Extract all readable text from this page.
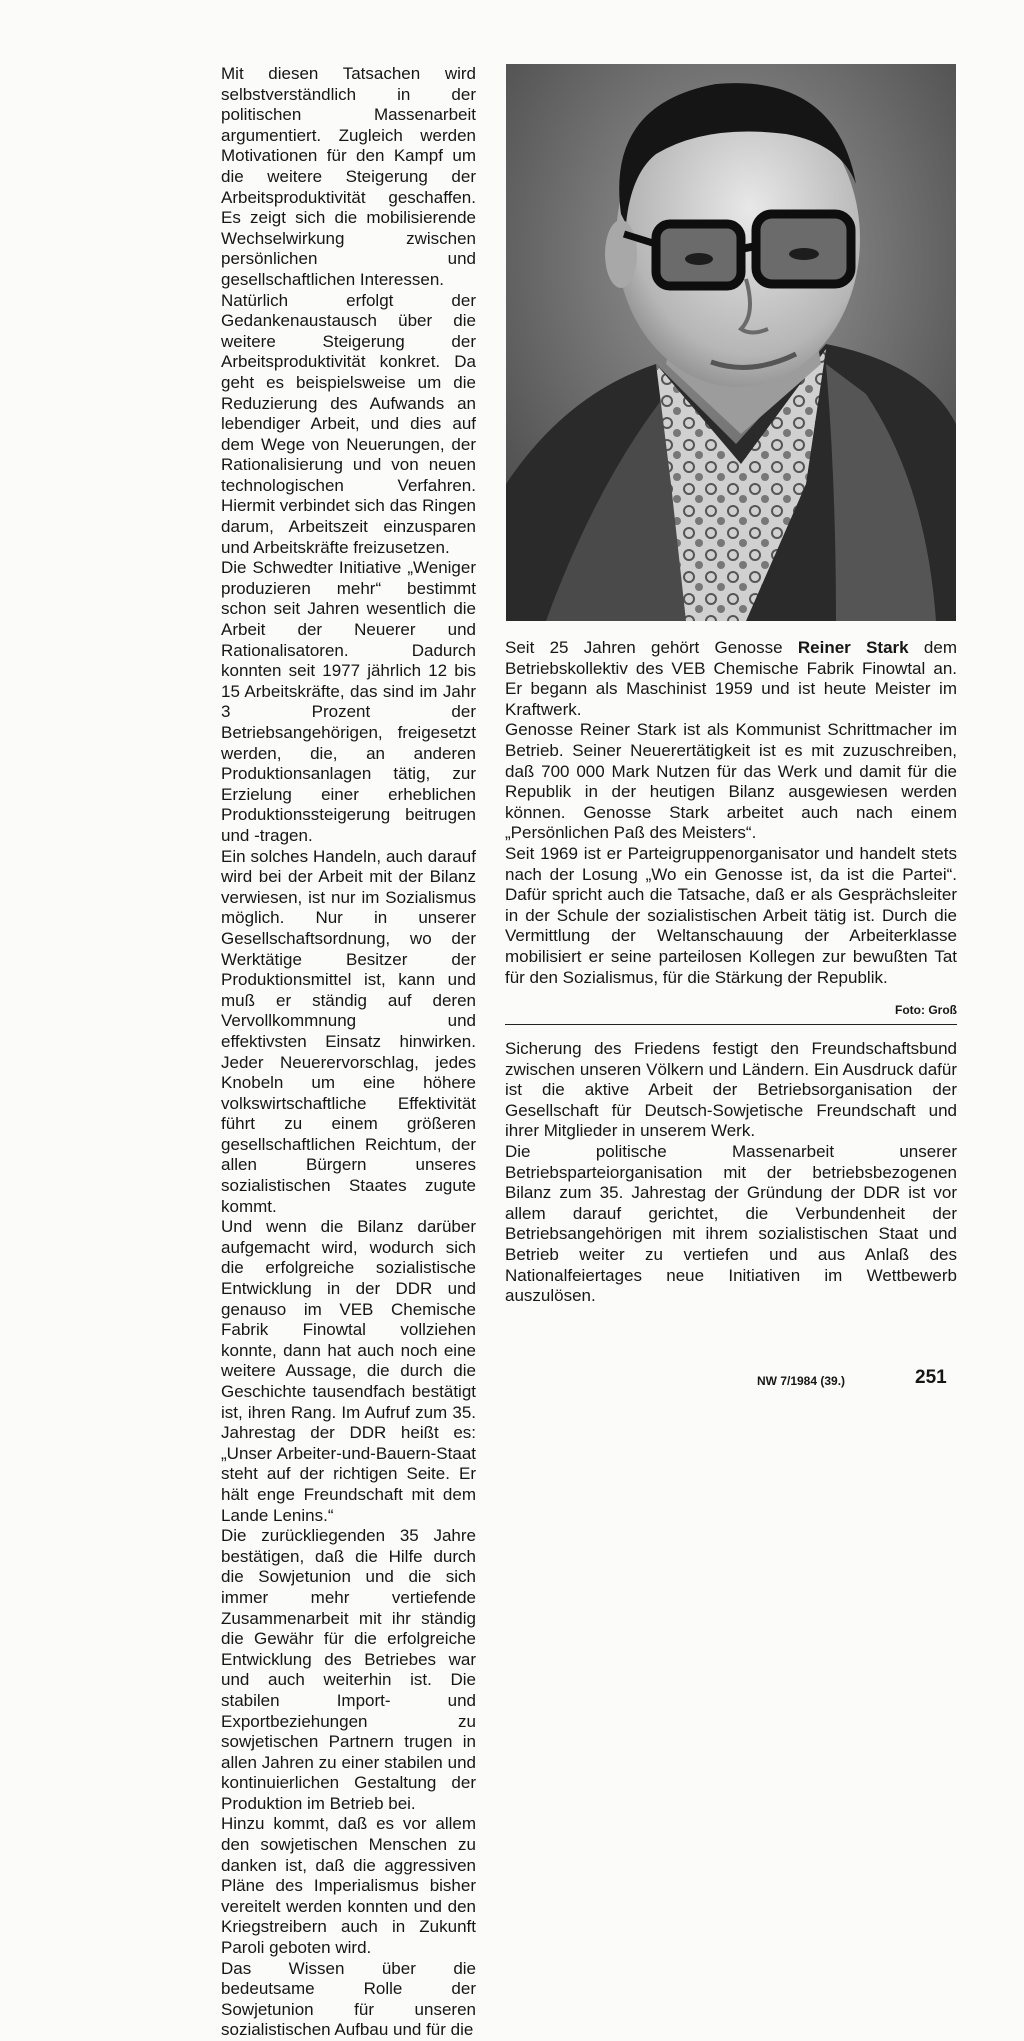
Mit diesen Tatsachen wird selbstverständlich in der politischen Massenarbeit argumentiert. Zugleich werden Motivationen für den Kampf um die weitere Steigerung der Arbeitsproduktivität geschaffen. Es zeigt sich die mobilisierende Wechselwirkung zwischen persönlichen und gesellschaftlichen Interessen.

Natürlich erfolgt der Gedankenaustausch über die weitere Steigerung der Arbeitsproduktivität konkret. Da geht es beispielsweise um die Reduzierung des Aufwands an lebendiger Arbeit, und dies auf dem Wege von Neuerungen, der Rationalisierung und von neuen technologischen Verfahren. Hiermit verbindet sich das Ringen darum, Arbeitszeit einzusparen und Arbeitskräfte freizusetzen.

Die Schwedter Initiative „Weniger produzieren mehr“ bestimmt schon seit Jahren wesentlich die Arbeit der Neuerer und Rationalisatoren. Dadurch konnten seit 1977 jährlich 12 bis 15 Arbeitskräfte, das sind im Jahr 3 Prozent der Betriebsangehörigen, freigesetzt werden, die, an anderen Produktionsanlagen tätig, zur Erzielung einer erheblichen Produktionssteigerung beitrugen und -tragen.

Ein solches Handeln, auch darauf wird bei der Arbeit mit der Bilanz verwiesen, ist nur im Sozialismus möglich. Nur in unserer Gesellschaftsordnung, wo der Werktätige Besitzer der Produktionsmittel ist, kann und muß er ständig auf deren Vervollkommnung und effektivsten Einsatz hinwirken. Jeder Neuerervorschlag, jedes Knobeln um eine höhere volkswirtschaftliche Effektivität führt zu einem größeren gesellschaftlichen Reichtum, der allen Bürgern unseres sozialistischen Staates zugute kommt.

Und wenn die Bilanz darüber aufgemacht wird, wodurch sich die erfolgreiche sozialistische Entwicklung in der DDR und genauso im VEB Chemische Fabrik Finowtal vollziehen konnte, dann hat auch noch eine weitere Aussage, die durch die Geschichte tausendfach bestätigt ist, ihren Rang. Im Aufruf zum 35. Jahrestag der DDR heißt es: „Unser Arbeiter-und-Bauern-Staat steht auf der richtigen Seite. Er hält enge Freundschaft mit dem Lande Lenins.“

Die zurückliegenden 35 Jahre bestätigen, daß die Hilfe durch die Sowjetunion und die sich immer mehr vertiefende Zusammenarbeit mit ihr ständig die Gewähr für die erfolgreiche Entwicklung des Betriebes war und auch weiterhin ist. Die stabilen Import- und Exportbeziehungen zu sowjetischen Partnern trugen in allen Jahren zu einer stabilen und kontinuierlichen Gestaltung der Produktion im Betrieb bei.

Hinzu kommt, daß es vor allem den sowjetischen Menschen zu danken ist, daß die aggressiven Pläne des Imperialismus bisher vereitelt werden konnten und den Kriegstreibern auch in Zukunft Paroli geboten wird.

Das Wissen über die bedeutsame Rolle der Sowjetunion für unseren sozialistischen Aufbau und für die

Seit 25 Jahren gehört Genosse Reiner Stark dem Betriebskollektiv des VEB Chemische Fabrik Finowtal an. Er begann als Maschinist 1959 und ist heute Meister im Kraftwerk.

Genosse Reiner Stark ist als Kommunist Schrittmacher im Betrieb. Seiner Neuerertätigkeit ist es mit zuzuschreiben, daß 700 000 Mark Nutzen für das Werk und damit für die Republik in der heutigen Bilanz ausgewiesen werden können. Genosse Stark arbeitet auch nach einem „Persönlichen Paß des Meisters“.

Seit 1969 ist er Parteigruppenorganisator und handelt stets nach der Losung „Wo ein Genosse ist, da ist die Partei“. Dafür spricht auch die Tatsache, daß er als Gesprächsleiter in der Schule der sozialistischen Arbeit tätig ist. Durch die Vermittlung der Weltanschauung der Arbeiterklasse mobilisiert er seine parteilosen Kollegen zur bewußten Tat für den Sozialismus, für die Stärkung der Republik.

Foto: Groß

Sicherung des Friedens festigt den Freundschaftsbund zwischen unseren Völkern und Ländern. Ein Ausdruck dafür ist die aktive Arbeit der Betriebsorganisation der Gesellschaft für Deutsch-Sowjetische Freundschaft und ihrer Mitglieder in unserem Werk.

Die politische Massenarbeit unserer Betriebsparteiorganisation mit der betriebsbezogenen Bilanz zum 35. Jahrestag der Gründung der DDR ist vor allem darauf gerichtet, die Verbundenheit der Betriebsangehörigen mit ihrem sozialistischen Staat und Betrieb weiter zu vertiefen und aus Anlaß des Nationalfeiertages neue Initiativen im Wettbewerb auszulösen.

NW 7/1984 (39.)	251
